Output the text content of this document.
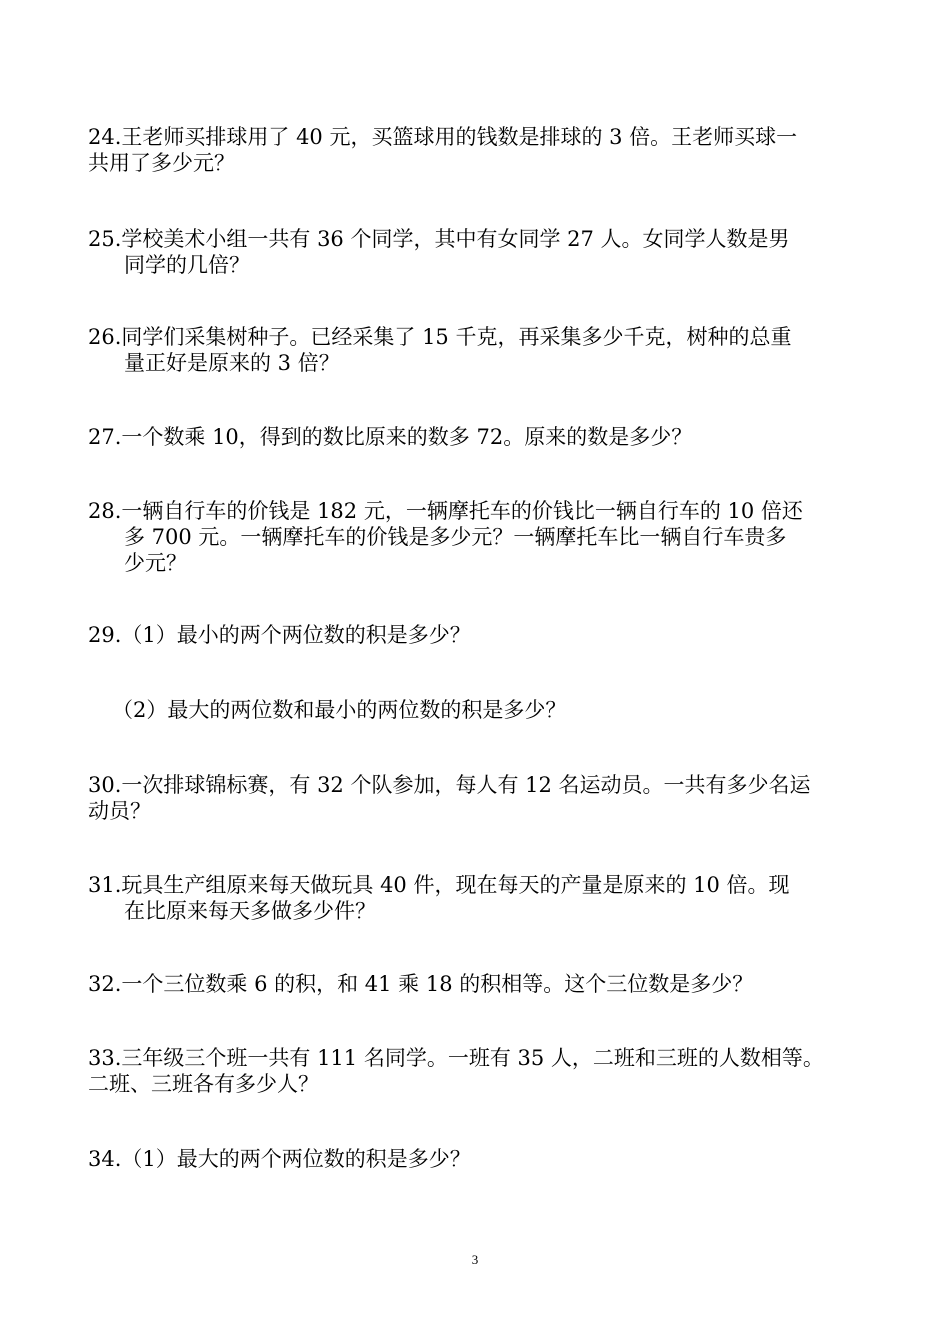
24.王老师买排球用了 40 元，买篮球用的钱数是排球的 3 倍。王老师买球一
共用了多少元？
25.学校美术小组一共有 36 个同学，其中有女同学 27 人。女同学人数是男
同学的几倍？
26.同学们采集树种子。已经采集了 15 千克，再采集多少千克，树种的总重
量正好是原来的 3 倍？
27.一个数乘 10，得到的数比原来的数多 72。原来的数是多少？
28.一辆自行车的价钱是 182 元，一辆摩托车的价钱比一辆自行车的 10 倍还
多 700 元。一辆摩托车的价钱是多少元？一辆摩托车比一辆自行车贵多
少元？
29.（1）最小的两个两位数的积是多少？
（2）最大的两位数和最小的两位数的积是多少？
30.一次排球锦标赛，有 32 个队参加，每人有 12 名运动员。一共有多少名运
动员？
31.玩具生产组原来每天做玩具 40 件，现在每天的产量是原来的 10 倍。现
在比原来每天多做多少件？
32.一个三位数乘 6 的积，和 41 乘 18 的积相等。这个三位数是多少？
33.三年级三个班一共有 111 名同学。一班有 35 人，二班和三班的人数相等。
二班、三班各有多少人？
34.（1）最大的两个两位数的积是多少？
3
